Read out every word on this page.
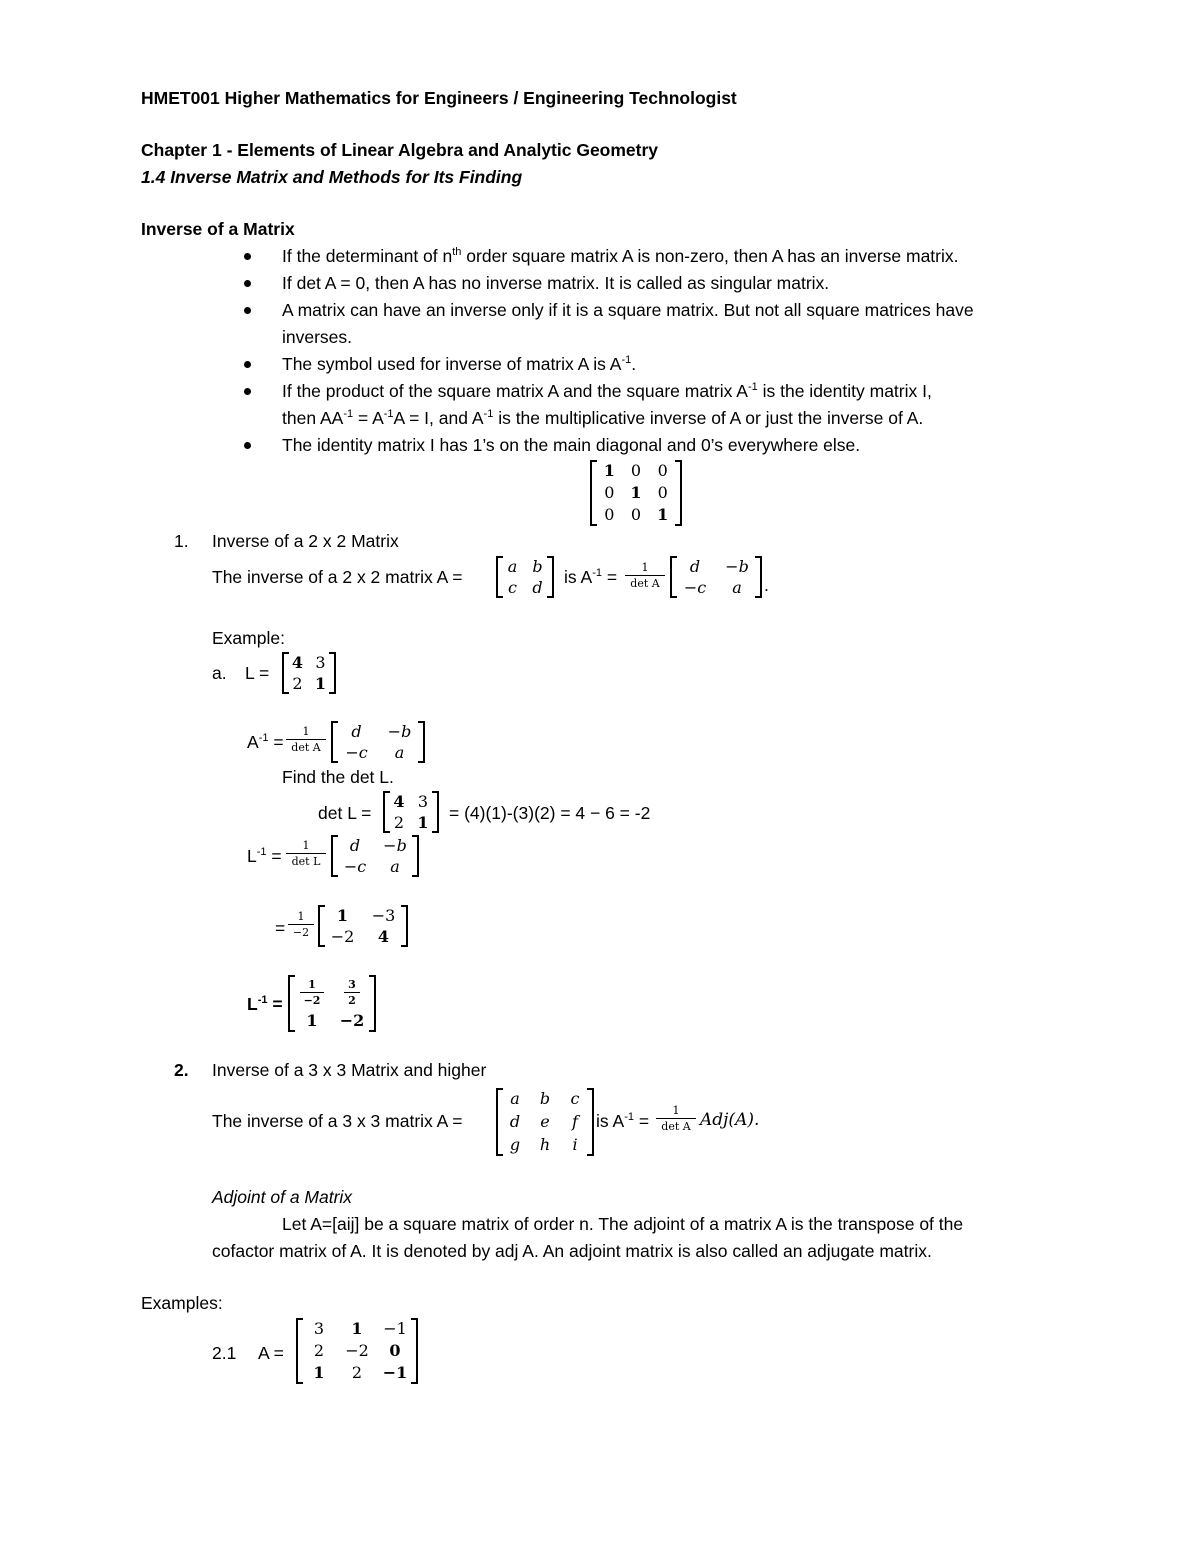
HMET001 Higher Mathematics for Engineers / Engineering Technologist
Chapter 1 - Elements of Linear Algebra and Analytic Geometry
1.4 Inverse Matrix and Methods for Its Finding
Inverse of a Matrix
If the determinant of $n^{th}$ order square matrix A is non-zero, then A has an inverse matrix.
If det A = 0, then A has no inverse matrix. It is called as singular matrix.
A matrix can have an inverse only if it is a square matrix. But not all square matrices have
inverses.
The symbol used for inverse of matrix A is $A^{-1}$.
If the product of the square matrix A and the square matrix $A^{-1}$ is the identity matrix I,
then $AA^{-1} = A^{-1}A = I$, and $A^{-1}$ is the multiplicative inverse of A or just the inverse of A.
The identity matrix I has 1’s on the main diagonal and 0’s everywhere else.
1 0 0
0 1 0
0 0 1
1. Inverse of a 2 x 2 Matrix
The inverse of a 2 x 2 matrix A =
a b
c d is $A^{-1}$ =	1
det A
d −b
−c a .
Example:
a. L =
4 3
2 1
$A^{-1}$ =
1
det A
d −b
−c a
Find the det L.
det L =
4 3
2 1 = (4)(1)-(3)(2) = 4 − 6 = -2
$L^{-1}$ =
1
det L
d −b
−c a
= $\frac{1}{-2} 1 -3$
−2 4
$L^{-1} = \frac{1}{-2} \frac{3}{2}$
1 −2
2. Inverse of a 3 x 3 Matrix and higher
The inverse of a 3 x 3 matrix A =
a b c
d e f
g h i
is $A^{-1}$ =
1
det A Adj(A).
Adjoint of a Matrix
Let A=[aij] be a square matrix of order n. The adjoint of a matrix A is the transpose of the
cofactor matrix of A. It is denoted by adj A. An adjoint matrix is also called an adjugate matrix.
Examples:
2.1 A =
3 1 −1
2 −2 0
1 2 −1
